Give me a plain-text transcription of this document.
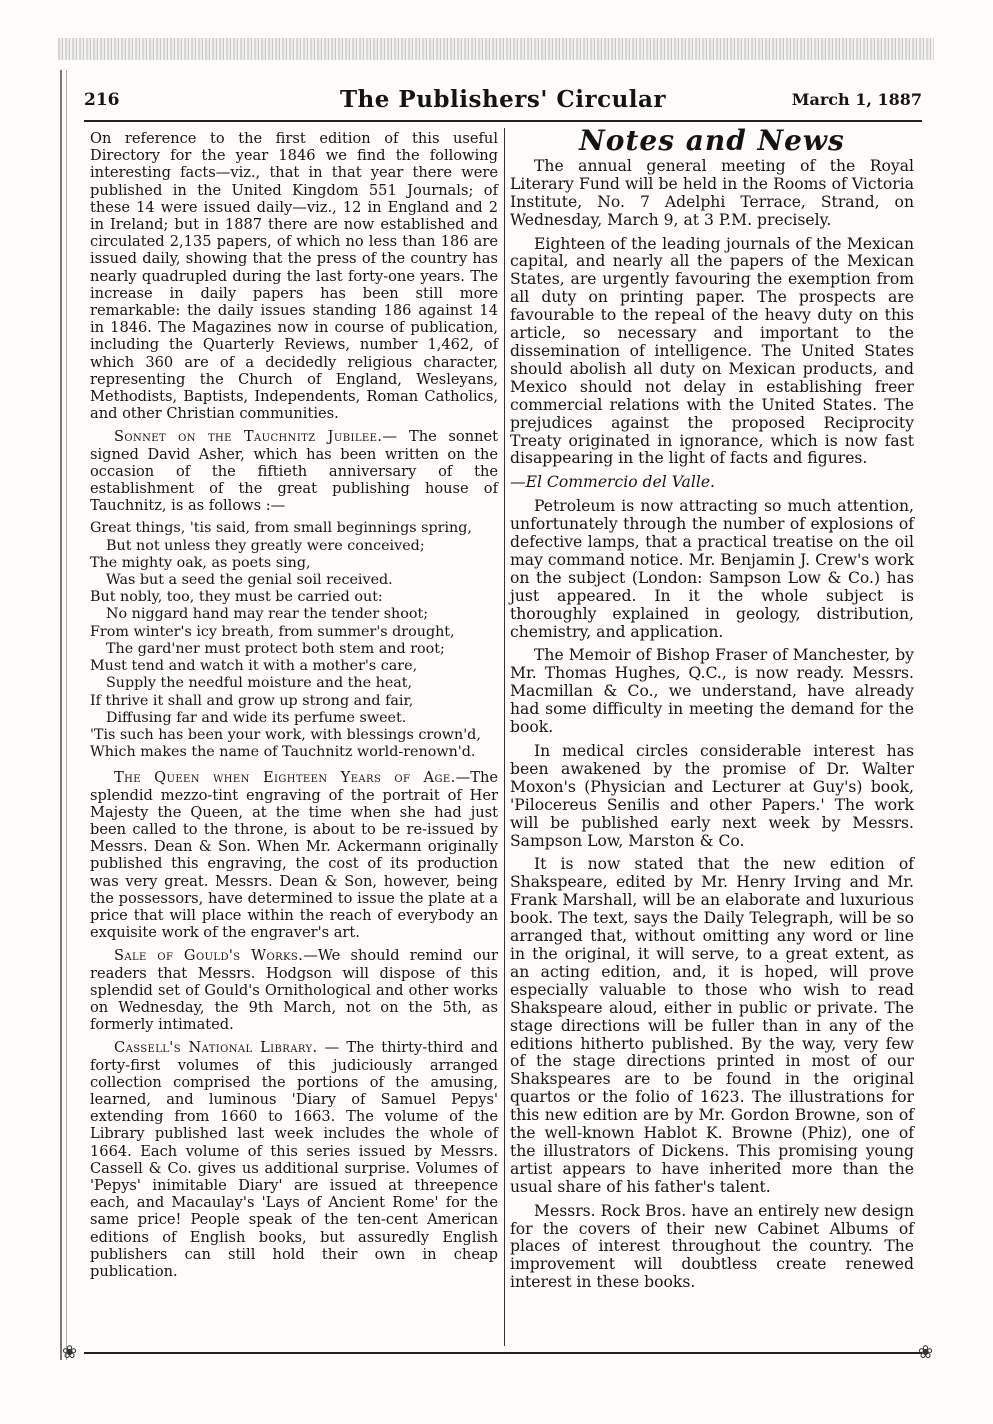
216	The Publishers' Circular	March 1, 1887

On reference to the first edition of this useful Directory for the year 1846 we find the following interesting facts—viz., that in that year there were published in the United Kingdom 551 Journals; of these 14 were issued daily—viz., 12 in England and 2 in Ireland; but in 1887 there are now established and circulated 2,135 papers, of which no less than 186 are issued daily, showing that the press of the country has nearly quadrupled during the last forty-one years. The increase in daily papers has been still more remarkable: the daily issues standing 186 against 14 in 1846. The Magazines now in course of publication, including the Quarterly Reviews, number 1,462, of which 360 are of a decidedly religious character, representing the Church of England, Wesleyans, Methodists, Baptists, Independents, Roman Catholics, and other Christian communities.

Sonnet on the Tauchnitz Jubilee.— The sonnet signed David Asher, which has been written on the occasion of the fiftieth anniversary of the establishment of the great publishing house of Tauchnitz, is as follows :—

Great things, 'tis said, from small beginnings spring,
But not unless they greatly were conceived;
The mighty oak, as poets sing,
Was but a seed the genial soil received.
But nobly, too, they must be carried out:
No niggard hand may rear the tender shoot;
From winter's icy breath, from summer's drought,
The gard'ner must protect both stem and root;
Must tend and watch it with a mother's care,
Supply the needful moisture and the heat,
If thrive it shall and grow up strong and fair,
Diffusing far and wide its perfume sweet.
'Tis such has been your work, with blessings crown'd,
Which makes the name of Tauchnitz world-renown'd.

The Queen when Eighteen Years of Age.—The splendid mezzo-tint engraving of the portrait of Her Majesty the Queen, at the time when she had just been called to the throne, is about to be re-issued by Messrs. Dean & Son. When Mr. Ackermann originally published this engraving, the cost of its production was very great. Messrs. Dean & Son, however, being the possessors, have determined to issue the plate at a price that will place within the reach of everybody an exquisite work of the engraver's art.

Sale of Gould's Works.—We should remind our readers that Messrs. Hodgson will dispose of this splendid set of Gould's Ornithological and other works on Wednesday, the 9th March, not on the 5th, as formerly intimated.

Cassell's National Library. — The thirty-third and forty-first volumes of this judiciously arranged collection comprised the portions of the amusing, learned, and luminous 'Diary of Samuel Pepys' extending from 1660 to 1663. The volume of the Library published last week includes the whole of 1664. Each volume of this series issued by Messrs. Cassell & Co. gives us additional surprise. Volumes of 'Pepys' inimitable Diary' are issued at threepence each, and Macaulay's 'Lays of Ancient Rome' for the same price! People speak of the ten-cent American editions of English books, but assuredly English publishers can still hold their own in cheap publication.

Notes and News

The annual general meeting of the Royal Literary Fund will be held in the Rooms of Victoria Institute, No. 7 Adelphi Terrace, Strand, on Wednesday, March 9, at 3 P.M. precisely.

Eighteen of the leading journals of the Mexican capital, and nearly all the papers of the Mexican States, are urgently favouring the exemption from all duty on printing paper. The prospects are favourable to the repeal of the heavy duty on this article, so necessary and important to the dissemination of intelligence. The United States should abolish all duty on Mexican products, and Mexico should not delay in establishing freer commercial relations with the United States. The prejudices against the proposed Reciprocity Treaty originated in ignorance, which is now fast disappearing in the light of facts and figures.

—El Commercio del Valle.

Petroleum is now attracting so much attention, unfortunately through the number of explosions of defective lamps, that a practical treatise on the oil may command notice. Mr. Benjamin J. Crew's work on the subject (London: Sampson Low & Co.) has just appeared. In it the whole subject is thoroughly explained in geology, distribution, chemistry, and application.

The Memoir of Bishop Fraser of Manchester, by Mr. Thomas Hughes, Q.C., is now ready. Messrs. Macmillan & Co., we understand, have already had some difficulty in meeting the demand for the book.

In medical circles considerable interest has been awakened by the promise of Dr. Walter Moxon's (Physician and Lecturer at Guy's) book, 'Pilocereus Senilis and other Papers.' The work will be published early next week by Messrs. Sampson Low, Marston & Co.

It is now stated that the new edition of Shakspeare, edited by Mr. Henry Irving and Mr. Frank Marshall, will be an elaborate and luxurious book. The text, says the Daily Telegraph, will be so arranged that, without omitting any word or line in the original, it will serve, to a great extent, as an acting edition, and, it is hoped, will prove especially valuable to those who wish to read Shakspeare aloud, either in public or private. The stage directions will be fuller than in any of the editions hitherto published. By the way, very few of the stage directions printed in most of our Shakspeares are to be found in the original quartos or the folio of 1623. The illustrations for this new edition are by Mr. Gordon Browne, son of the well-known Hablot K. Browne (Phiz), one of the illustrators of Dickens. This promising young artist appears to have inherited more than the usual share of his father's talent.

Messrs. Rock Bros. have an entirely new design for the covers of their new Cabinet Albums of places of interest throughout the country. The improvement will doubtless create renewed interest in these books.

❀	❀
